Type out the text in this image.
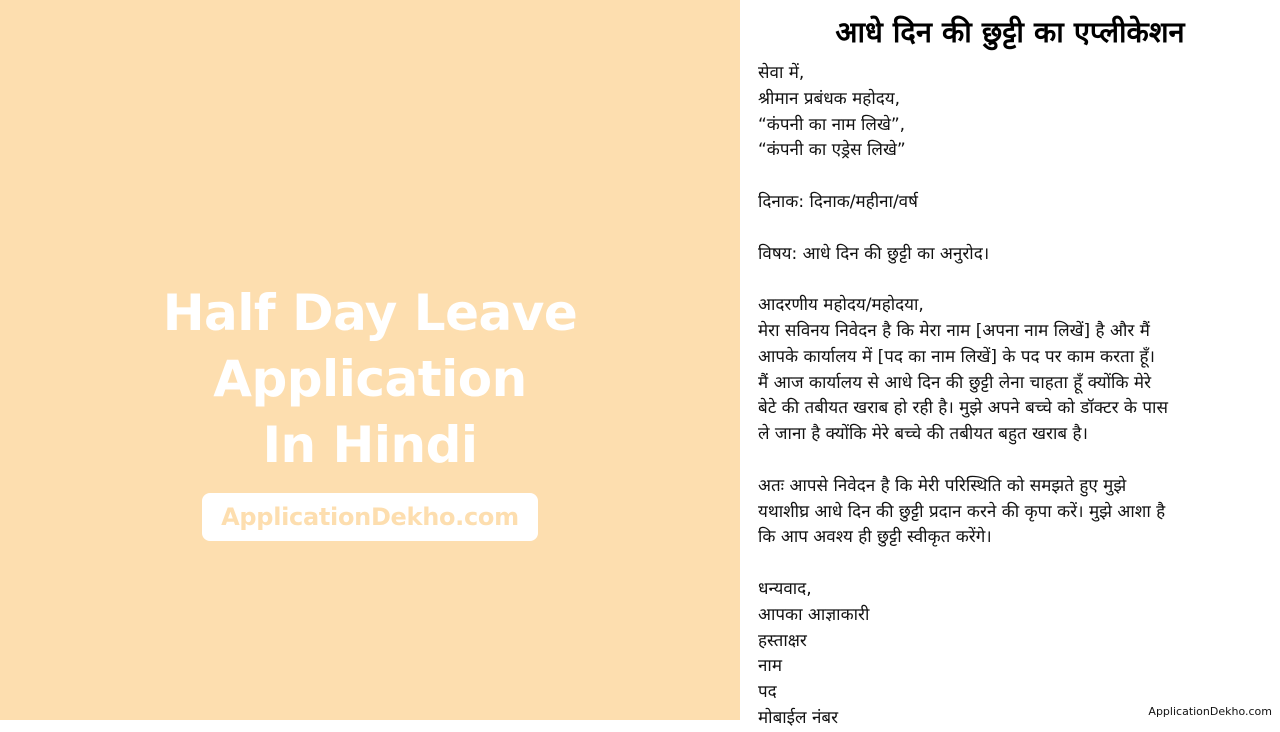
Half Day Leave Application
In Hindi
ApplicationDekho.com
आधे दिन की छुट्टी का एप्लीकेशन
सेवा में,
श्रीमान प्रबंधक महोदय,
“कंपनी का नाम लिखे”,
“कंपनी का एड्रेस लिखे”
दिनाक: दिनाक/महीना/वर्ष
विषय: आधे दिन की छुट्टी का अनुरोद।
आदरणीय महोदय/महोदया,
मेरा सविनय निवेदन है कि मेरा नाम [अपना नाम लिखें] है और मैं
आपके कार्यालय में [पद का नाम लिखें] के पद पर काम करता हूँ।
मैं आज कार्यालय से आधे दिन की छुट्टी लेना चाहता हूँ क्योंकि मेरे
बेटे की तबीयत खराब हो रही है। मुझे अपने बच्चे को डॉक्टर के पास
ले जाना है क्योंकि मेरे बच्चे की तबीयत बहुत खराब है।
अतः आपसे निवेदन है कि मेरी परिस्थिति को समझते हुए मुझे
यथाशीघ्र आधे दिन की छुट्टी प्रदान करने की कृपा करें। मुझे आशा है
कि आप अवश्य ही छुट्टी स्वीकृत करेंगे।
धन्यवाद,
आपका आज्ञाकारी
हस्ताक्षर
नाम
पद
मोबाईल नंबर	ApplicationDekho.com
